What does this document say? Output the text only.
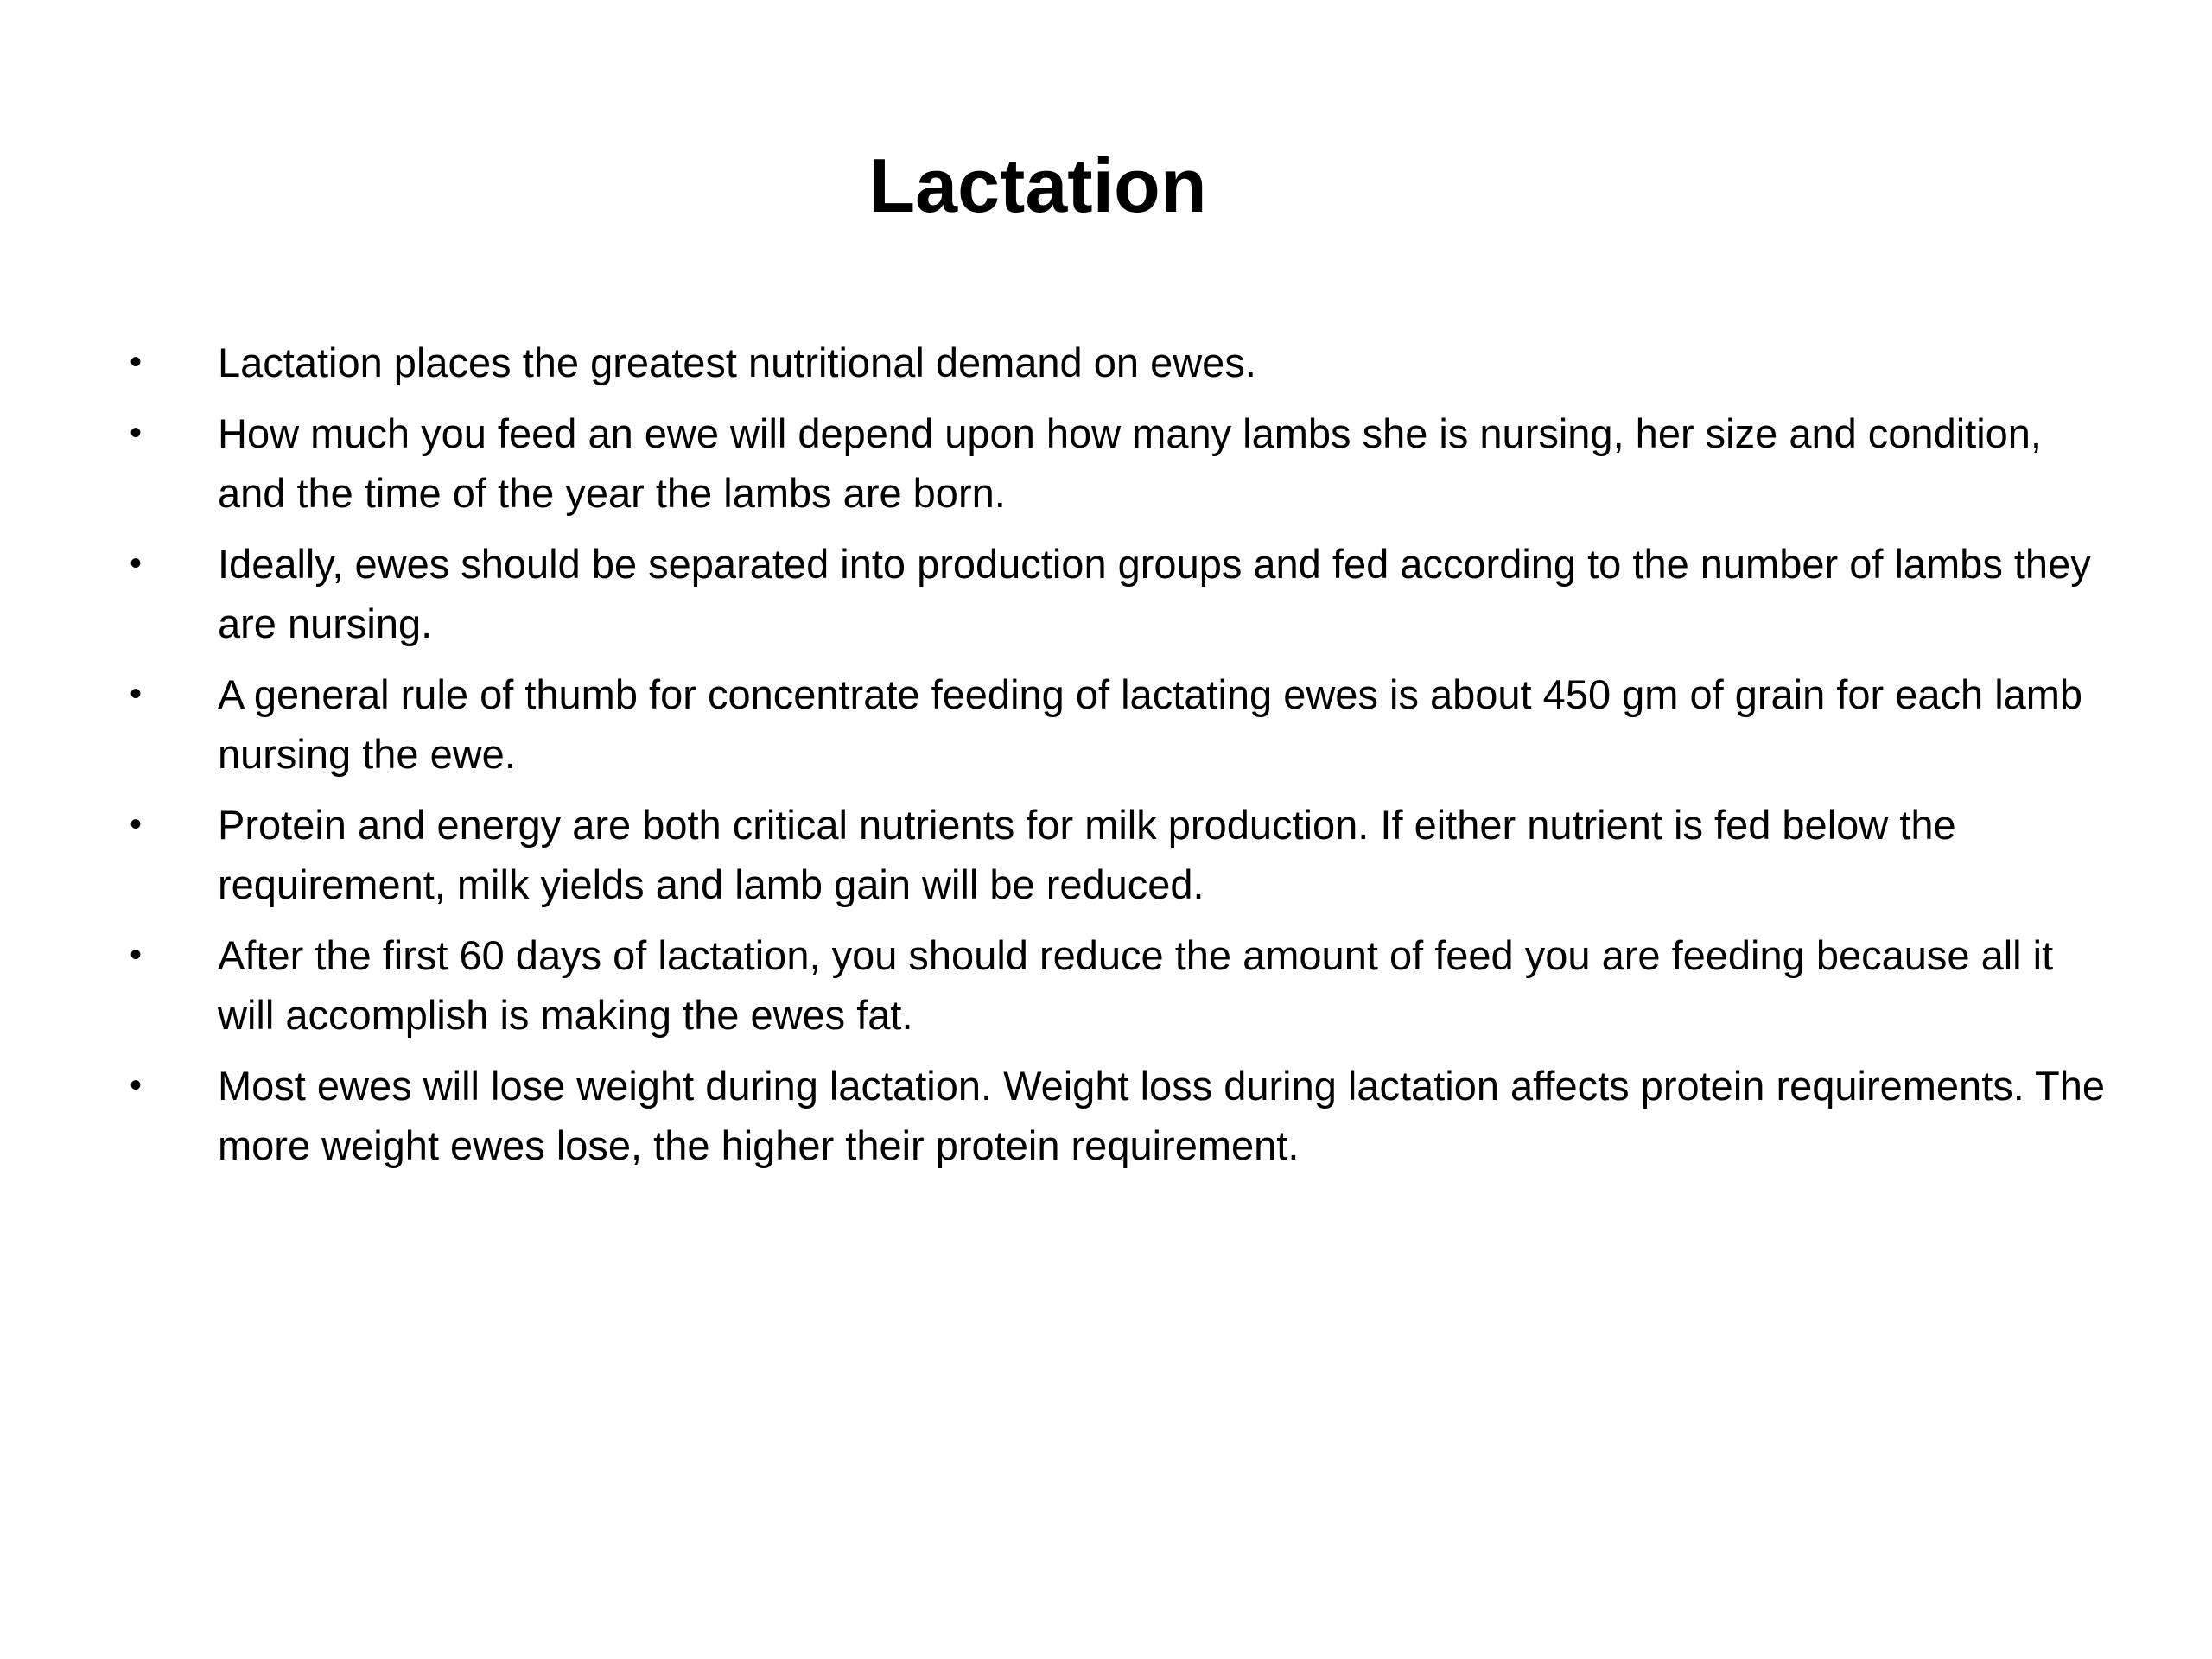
Lactation
•	Lactation places the greatest nutritional demand on ewes.
•	How much you feed an ewe will depend upon how many lambs she is nursing, her size and condition, and the time of the year the lambs are born.
•	Ideally, ewes should be separated into production groups and fed according to the number of lambs they are nursing.
•	A general rule of thumb for concentrate feeding of lactating ewes is about 450 gm of grain for each lamb nursing the ewe.
•	Protein and energy are both critical nutrients for milk production. If either nutrient is fed below the requirement, milk yields and lamb gain will be reduced.
•	After the first 60 days of lactation, you should reduce the amount of feed you are feeding because all it will accomplish is making the ewes fat.
•	Most ewes will lose weight during lactation. Weight loss during lactation affects protein requirements. The more weight ewes lose, the higher their protein requirement.
